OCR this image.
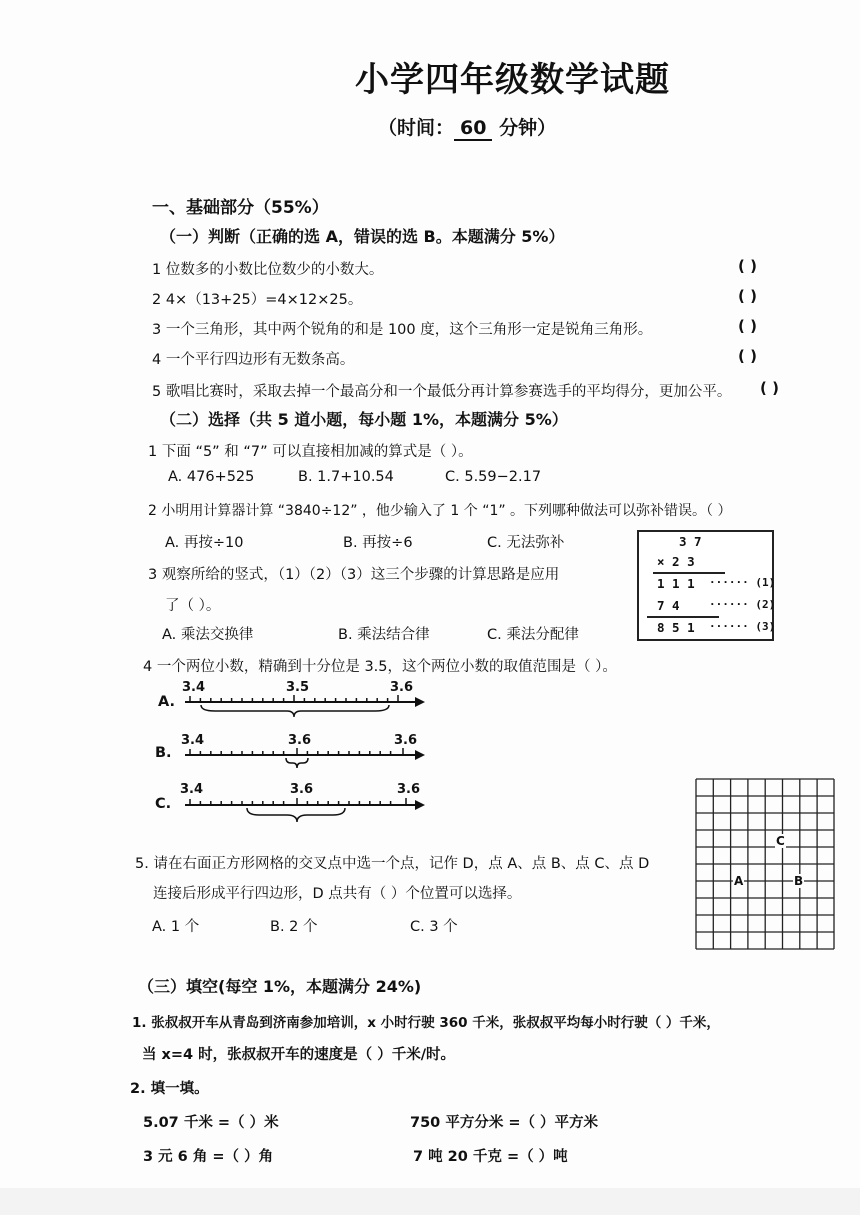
小学四年级数学试题
（时间： 60 分钟）
一、基础部分（55%）
（一）判断（正确的选 A，错误的选 B。本题满分 5%）
1 位数多的小数比位数少的小数大。	( )
2 4×（13+25）=4×12×25。	( )
3 一个三角形，其中两个锐角的和是 100 度，这个三角形一定是锐角三角形。	( )
4 一个平行四边形有无数条高。	( )
5 歌唱比赛时，采取去掉一个最高分和一个最低分再计算参赛选手的平均得分，更加公平。 ( )
（二）选择（共 5 道小题，每小题 1%，本题满分 5%）
1 下面 “5” 和 “7” 可以直接相加减的算式是（ ）。
A. 476+525	B. 1.7+10.54	C. 5.59−2.17
2 小明用计算器计算 “3840÷12” ，他少输入了 1 个 “1” 。下列哪种做法可以弥补错误。（ ）
A. 再按÷10	B. 再按÷6	C. 无法弥补
3 观察所给的竖式，（1）（2）（3）这三个步骤的计算思路是应用
了（ ）。
A. 乘法交换律	B. 乘法结合律	C. 乘法分配律
3 7
× 2 3
1 1 1 ······ (1)
7 4	······ (2)
8 5 1 ······ (3)
4 一个两位小数，精确到十分位是 3.5，这个两位小数的取值范围是（ ）。
A.
3.4	3.5	3.6
B.
3.4	3.6	3.6
C.
3.4	3.6	3.6
5. 请在右面正方形网格的交叉点中选一个点，记作 D，点 A、点 B、点 C、点 D
连接后形成平行四边形，D 点共有（ ）个位置可以选择。
A. 1 个	B. 2 个	C. 3 个
C
A	B
（三）填空(每空 1%，本题满分 24%)
1. 张叔叔开车从青岛到济南参加培训，x 小时行驶 360 千米，张叔叔平均每小时行驶（ ）千米，
当 x=4 时，张叔叔开车的速度是（ ）千米/时。
2. 填一填。
5.07 千米 =（ ）米	750 平方分米 =（ ）平方米
3 元 6 角 =（ ）角	7 吨 20 千克 =（ ）吨
